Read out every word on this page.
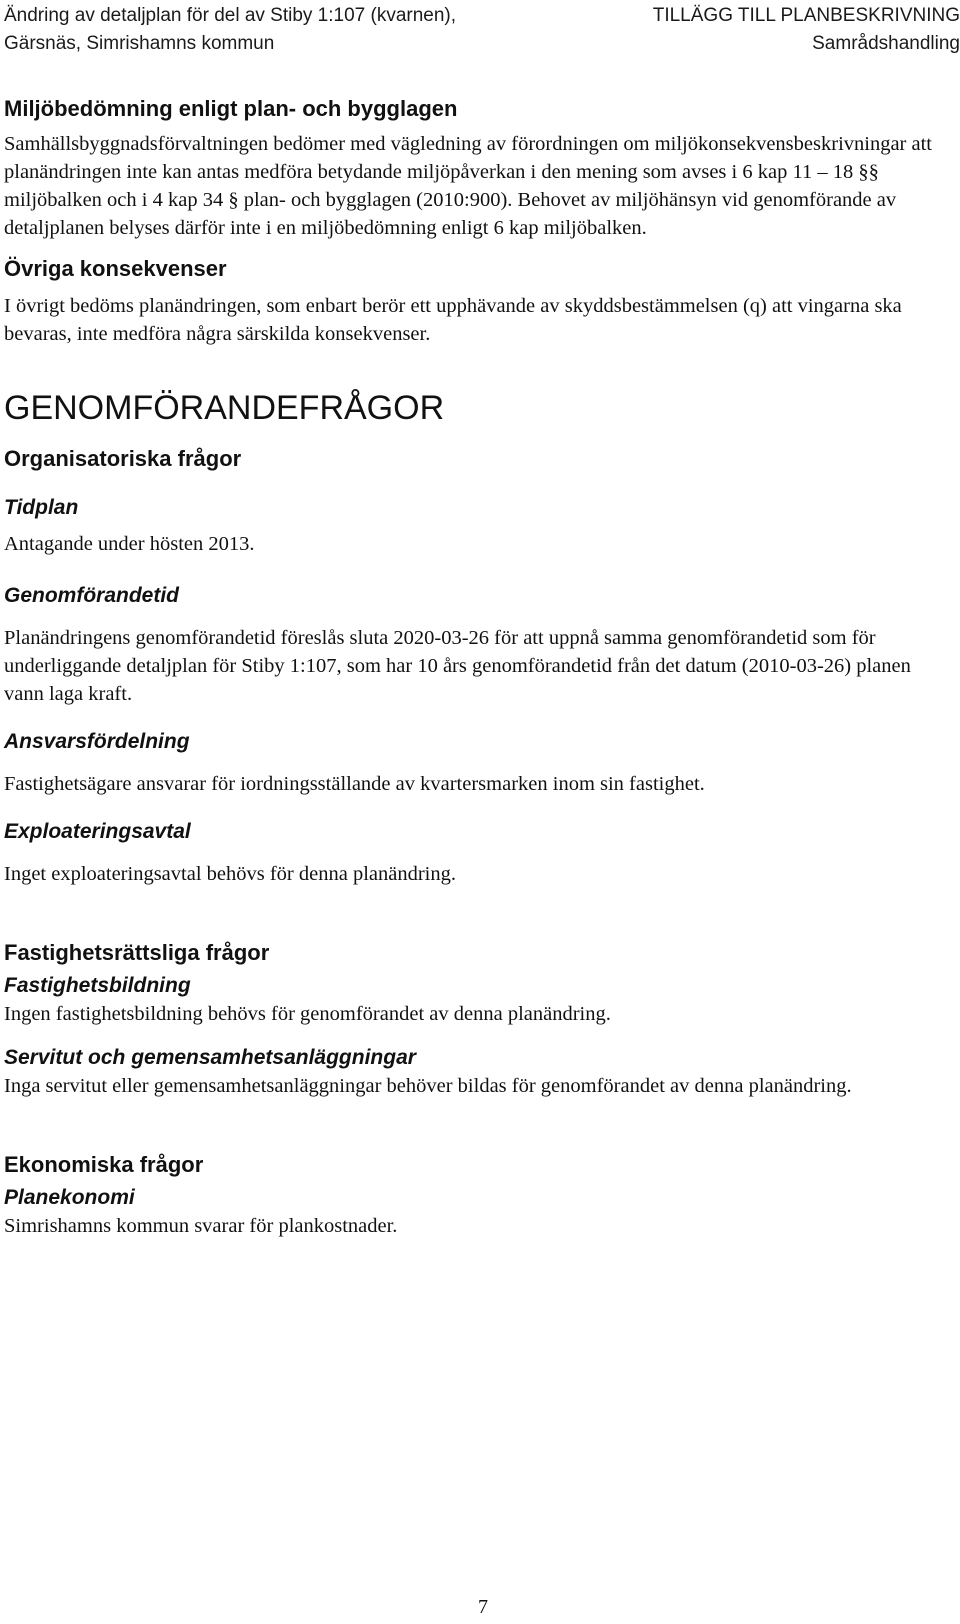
Ändring av detaljplan för del av Stiby 1:107 (kvarnen),
Gärsnäs, Simrishamns kommun
TILLÄGG TILL PLANBESKRIVNING
Samrådshandling
Miljöbedömning enligt plan- och bygglagen

Samhällsbyggnadsförvaltningen bedömer med vägledning av förordningen om miljökonsekvensbeskrivningar att planändringen inte kan antas medföra betydande miljöpåverkan i den mening som avses i 6 kap 11 – 18 §§ miljöbalken och i 4 kap 34 § plan- och bygglagen (2010:900). Behovet av miljöhänsyn vid genomförande av detaljplanen belyses därför inte i en miljöbedömning enligt 6 kap miljöbalken.

Övriga konsekvenser

I övrigt bedöms planändringen, som enbart berör ett upphävande av skyddsbestämmelsen (q) att vingarna ska bevaras, inte medföra några särskilda konsekvenser.

GENOMFÖRANDEFRÅGOR
Organisatoriska frågor
Tidplan

Antagande under hösten 2013.

Genomförandetid

Planändringens genomförandetid föreslås sluta 2020-03-26 för att uppnå samma genomförandetid som för underliggande detaljplan för Stiby 1:107, som har 10 års genomförandetid från det datum (2010-03-26) planen vann laga kraft.

Ansvarsfördelning

Fastighetsägare ansvarar för iordningsställande av kvartersmarken inom sin fastighet.

Exploateringsavtal

Inget exploateringsavtal behövs för denna planändring.

Fastighetsrättsliga frågor
Fastighetsbildning

Ingen fastighetsbildning behövs för genomförandet av denna planändring.

Servitut och gemensamhetsanläggningar

Inga servitut eller gemensamhetsanläggningar behöver bildas för genomförandet av denna planändring.

Ekonomiska frågor
Planekonomi

Simrishamns kommun svarar för plankostnader.

7
